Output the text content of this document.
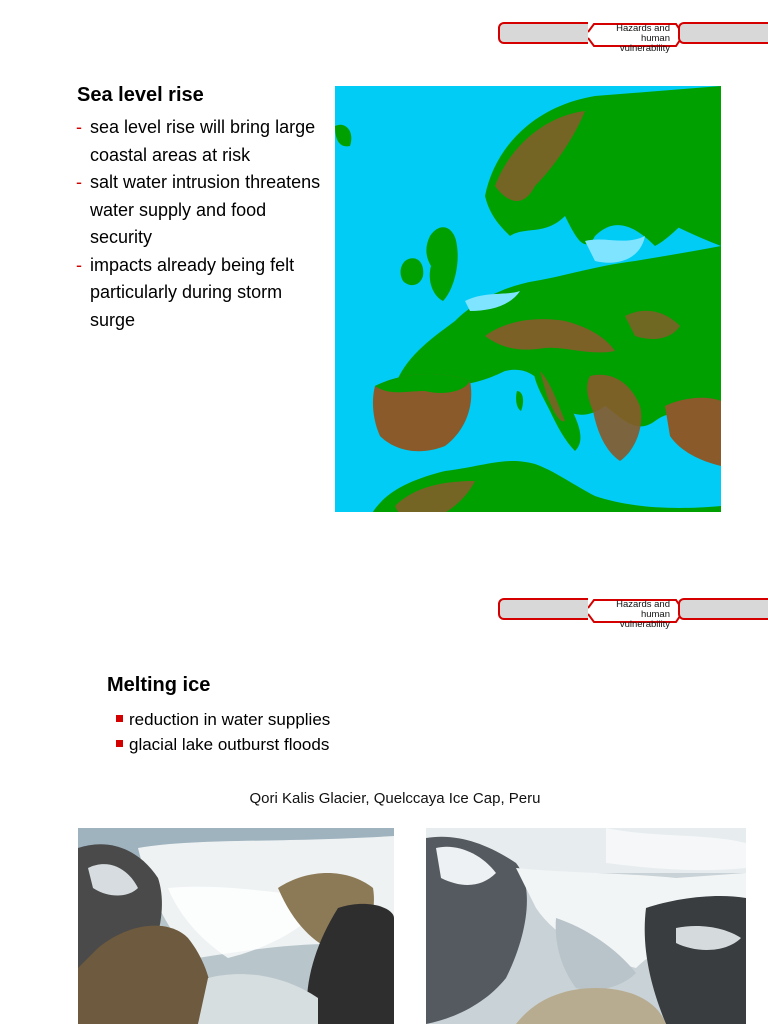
Hazards and human vulnerability
Sea level rise
- sea level rise will bring large coastal areas at risk
- salt water intrusion threatens water supply and food security
- impacts already being felt particularly during storm surge
Hazards and human vulnerability
Melting ice
reduction in water supplies
glacial lake outburst floods
Qori Kalis Glacier, Quelccaya Ice Cap, Peru
